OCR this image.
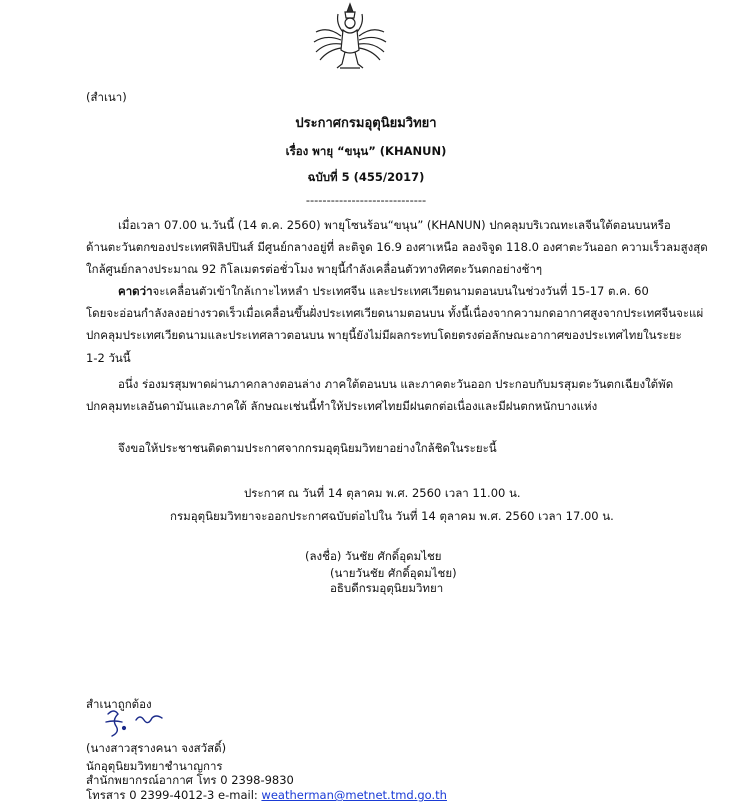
(สำเนา)
ประกาศกรมอุตุนิยมวิทยา
เรื่อง พายุ “ขนุน” (KHANUN)
ฉบับที่ 5 (455/2017)
-----------------------------
เมื่อเวลา 07.00 น.วันนี้ (14 ต.ค. 2560) พายุโซนร้อน“ขนุน” (KHANUN) ปกคลุมบริเวณทะเลจีนใต้ตอนบนหรือ
ด้านตะวันตกของประเทศฟิลิปปินส์ มีศูนย์กลางอยู่ที่ ละติจูด 16.9 องศาเหนือ ลองจิจูด 118.0 องศาตะวันออก ความเร็วลมสูงสุด
ใกล้ศูนย์กลางประมาณ 92 กิโลเมตรต่อชั่วโมง พายุนี้กำลังเคลื่อนตัวทางทิศตะวันตกอย่างช้าๆ
คาดว่าจะเคลื่อนตัวเข้าใกล้เกาะไหหลำ ประเทศจีน และประเทศเวียดนามตอนบนในช่วงวันที่ 15-17 ต.ค. 60
โดยจะอ่อนกำลังลงอย่างรวดเร็วเมื่อเคลื่อนขึ้นฝั่งประเทศเวียดนามตอนบน ทั้งนี้เนื่องจากความกดอากาศสูงจากประเทศจีนจะแผ่
ปกคลุมประเทศเวียดนามและประเทศลาวตอนบน พายุนี้ยังไม่มีผลกระทบโดยตรงต่อลักษณะอากาศของประเทศไทยในระยะ
1-2 วันนี้
อนึ่ง ร่องมรสุมพาดผ่านภาคกลางตอนล่าง ภาคใต้ตอนบน และภาคตะวันออก ประกอบกับมรสุมตะวันตกเฉียงใต้พัด
ปกคลุมทะเลอันดามันและภาคใต้ ลักษณะเช่นนี้ทำให้ประเทศไทยมีฝนตกต่อเนื่องและมีฝนตกหนักบางแห่ง
จึงขอให้ประชาชนติดตามประกาศจากกรมอุตุนิยมวิทยาอย่างใกล้ชิดในระยะนี้
ประกาศ ณ วันที่ 14 ตุลาคม พ.ศ. 2560 เวลา 11.00 น.
กรมอุตุนิยมวิทยาจะออกประกาศฉบับต่อไปใน วันที่ 14 ตุลาคม พ.ศ. 2560 เวลา 17.00 น.
(ลงชื่อ) วันชัย ศักดิ์อุดมไชย
(นายวันชัย ศักดิ์อุดมไชย)
อธิบดีกรมอุตุนิยมวิทยา
สำเนาถูกต้อง
(นางสาวสุรางคนา จงสวัสดิ์)
นักอุตุนิยมวิทยาชำนาญการ
สำนักพยากรณ์อากาศ โทร 0 2398-9830
โทรสาร 0 2399-4012-3 e-mail: weatherman@metnet.tmd.go.th
